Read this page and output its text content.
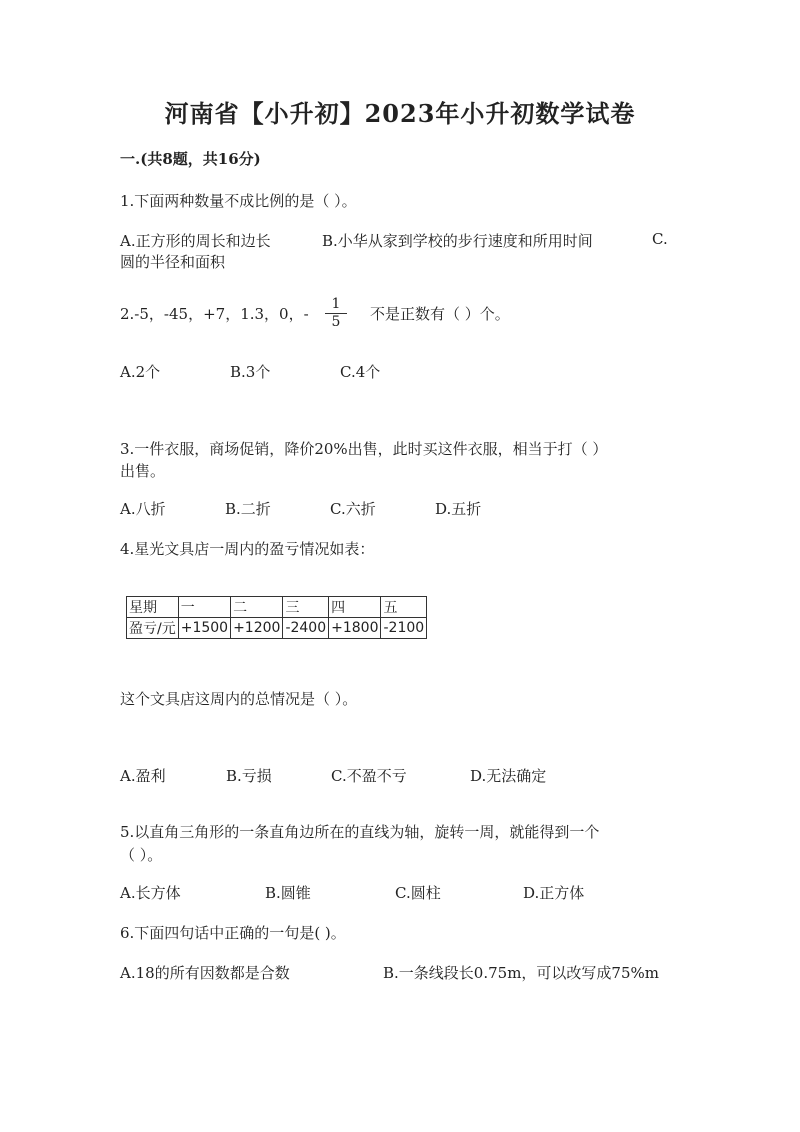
河南省【小升初】2023年小升初数学试卷
一.(共8题，共16分)
1.下面两种数量不成比例的是（ ）。
A.正方形的周长和边长	B.小华从家到学校的步行速度和所用时间	C.
圆的半径和面积
2.-5，-45，+7，1.3，0，- $\frac{1}{5}$ 不是正数有（ ）个。
A.2个	B.3个	C.4个
3.一件衣服，商场促销，降价20%出售，此时买这件衣服，相当于打（ ）
出售。
A.八折	B.二折	C.六折	D.五折
4.星光文具店一周内的盈亏情况如表：
星期	一	二	三	四	五
盈亏/元	+1500	+1200	-2400	+1800	-2100
这个文具店这周内的总情况是（ ）。
A.盈利	B.亏损	C.不盈不亏	D.无法确定
5.以直角三角形的一条直角边所在的直线为轴，旋转一周，就能得到一个
（ ）。
A.长方体	B.圆锥	C.圆柱	D.正方体
6.下面四句话中正确的一句是( )。
A.18的所有因数都是合数	B.一条线段长0.75m，可以改写成75%m
